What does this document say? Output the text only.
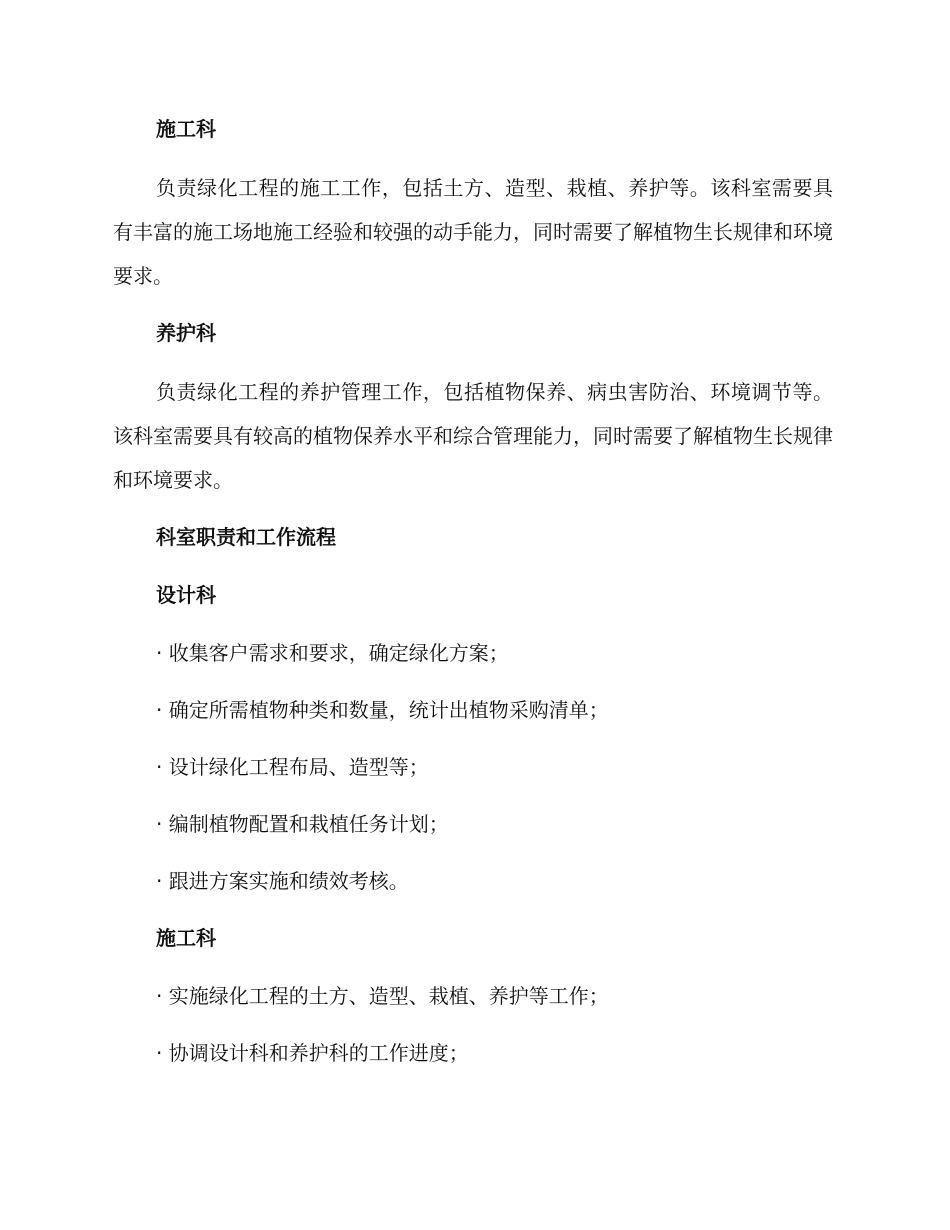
施工科
负责绿化工程的施工工作，包括土方、造型、栽植、养护等。该科室需要具有丰富的施工场地施工经验和较强的动手能力，同时需要了解植物生长规律和环境要求。
养护科
负责绿化工程的养护管理工作，包括植物保养、病虫害防治、环境调节等。该科室需要具有较高的植物保养水平和综合管理能力，同时需要了解植物生长规律和环境要求。
科室职责和工作流程
设计科
· 收集客户需求和要求，确定绿化方案；
· 确定所需植物种类和数量，统计出植物采购清单；
· 设计绿化工程布局、造型等；
· 编制植物配置和栽植任务计划；
· 跟进方案实施和绩效考核。
施工科
· 实施绿化工程的土方、造型、栽植、养护等工作；
· 协调设计科和养护科的工作进度；
